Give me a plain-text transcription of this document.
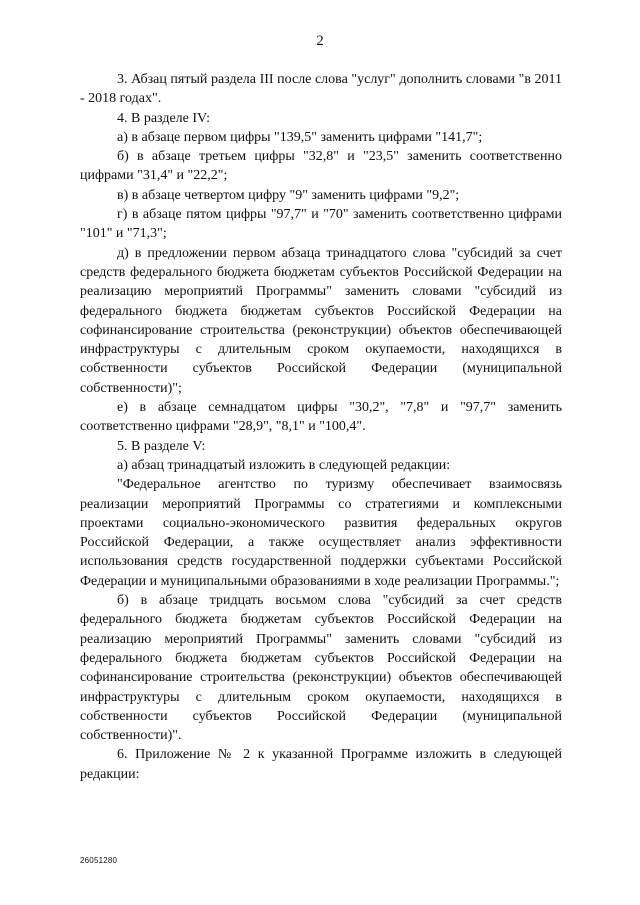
2

3. Абзац пятый раздела III после слова "услуг" дополнить словами "в 2011 - 2018 годах".

4. В разделе IV:

а) в абзаце первом цифры "139,5" заменить цифрами "141,7";

б) в абзаце третьем цифры "32,8" и "23,5" заменить соответственно цифрами "31,4" и "22,2";

в) в абзаце четвертом цифру "9" заменить цифрами "9,2";

г) в абзаце пятом цифры "97,7" и "70" заменить соответственно цифрами "101" и "71,3";

д) в предложении первом абзаца тринадцатого слова "субсидий за счет средств федерального бюджета бюджетам субъектов Российской Федерации на реализацию мероприятий Программы" заменить словами "субсидий из федерального бюджета бюджетам субъектов Российской Федерации на софинансирование строительства (реконструкции) объектов обеспечивающей инфраструктуры с длительным сроком окупаемости, находящихся в собственности субъектов Российской Федерации (муниципальной собственности)";

е) в абзаце семнадцатом цифры "30,2", "7,8" и "97,7" заменить соответственно цифрами "28,9", "8,1" и "100,4".

5. В разделе V:

а) абзац тринадцатый изложить в следующей редакции:

"Федеральное агентство по туризму обеспечивает взаимосвязь реализации мероприятий Программы со стратегиями и комплексными проектами социально-экономического развития федеральных округов Российской Федерации, а также осуществляет анализ эффективности использования средств государственной поддержки субъектами Российской Федерации и муниципальными образованиями в ходе реализации Программы.";

б) в абзаце тридцать восьмом слова "субсидий за счет средств федерального бюджета бюджетам субъектов Российской Федерации на реализацию мероприятий Программы" заменить словами "субсидий из федерального бюджета бюджетам субъектов Российской Федерации на софинансирование строительства (реконструкции) объектов обеспечивающей инфраструктуры с длительным сроком окупаемости, находящихся в собственности субъектов Российской Федерации (муниципальной собственности)".

6. Приложение № 2 к указанной Программе изложить в следующей редакции:

26051280
